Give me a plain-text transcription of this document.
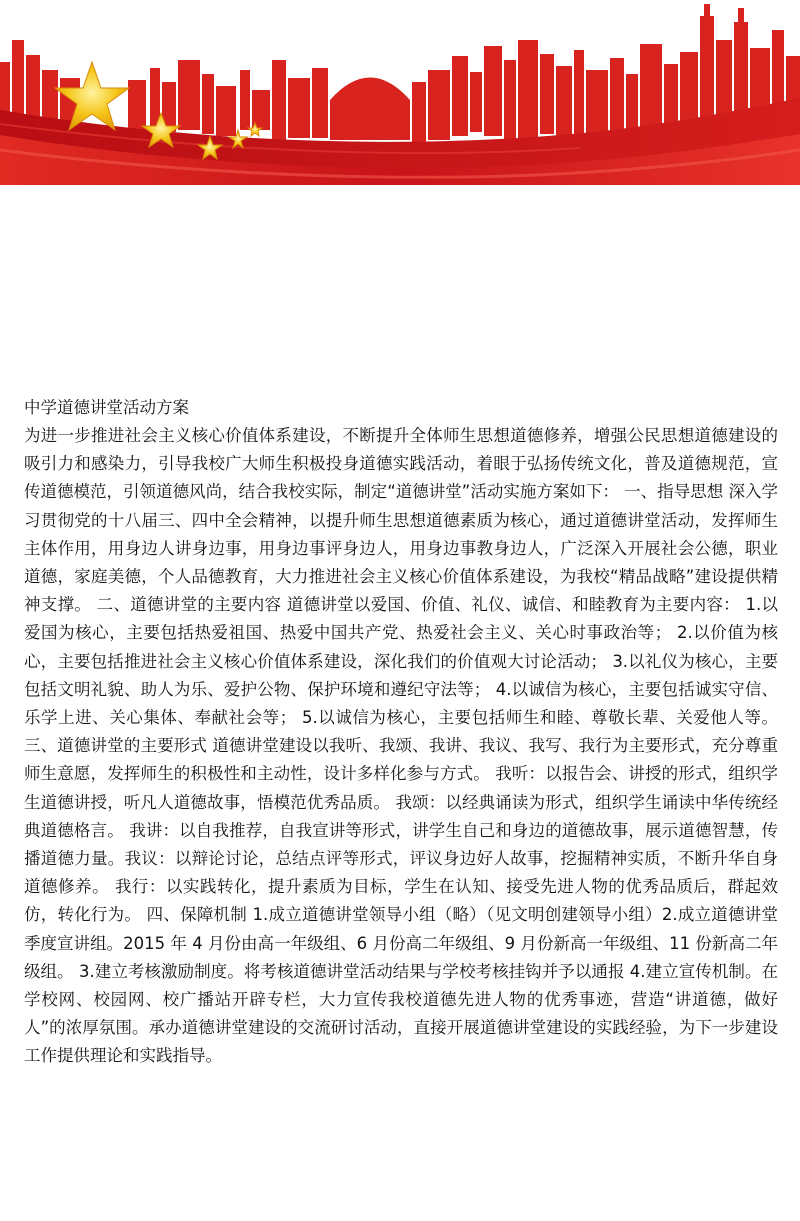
中学道德讲堂活动方案

为进一步推进社会主义核心价值体系建设，不断提升全体师生思想道德修养，增强公民思想道德建设的吸引力和感染力，引导我校广大师生积极投身道德实践活动，着眼于弘扬传统文化，普及道德规范，宣传道德模范，引领道德风尚，结合我校实际，制定“道德讲堂”活动实施方案如下： 一、指导思想 深入学习贯彻党的十八届三、四中全会精神，以提升师生思想道德素质为核心，通过道德讲堂活动，发挥师生主体作用，用身边人讲身边事，用身边事评身边人，用身边事教身边人，广泛深入开展社会公德，职业道德，家庭美德，个人品德教育，大力推进社会主义核心价值体系建设，为我校“精品战略”建设提供精神支撑。 二、道德讲堂的主要内容 道德讲堂以爱国、价值、礼仪、诚信、和睦教育为主要内容： 1.以爱国为核心，主要包括热爱祖国、热爱中国共产党、热爱社会主义、关心时事政治等； 2.以价值为核心，主要包括推进社会主义核心价值体系建设，深化我们的价值观大讨论活动； 3.以礼仪为核心，主要包括文明礼貌、助人为乐、爱护公物、保护环境和遵纪守法等； 4.以诚信为核心，主要包括诚实守信、乐学上进、关心集体、奉献社会等； 5.以诚信为核心，主要包括师生和睦、尊敬长辈、关爱他人等。 三、道德讲堂的主要形式 道德讲堂建设以我听、我颂、我讲、我议、我写、我行为主要形式，充分尊重师生意愿，发挥师生的积极性和主动性，设计多样化参与方式。 我听：以报告会、讲授的形式，组织学生道德讲授，听凡人道德故事，悟模范优秀品质。 我颂：以经典诵读为形式，组织学生诵读中华传统经典道德格言。 我讲：以自我推荐，自我宣讲等形式，讲学生自己和身边的道德故事，展示道德智慧，传播道德力量。我议：以辩论讨论，总结点评等形式，评议身边好人故事，挖掘精神实质，不断升华自身道德修养。 我行：以实践转化，提升素质为目标，学生在认知、接受先进人物的优秀品质后，群起效仿，转化行为。 四、保障机制 1.成立道德讲堂领导小组（略）（见文明创建领导小组）2.成立道德讲堂季度宣讲组。2015 年 4 月份由高一年级组、6 月份高二年级组、9 月份新高一年级组、11 份新高二年级组。 3.建立考核激励制度。将考核道德讲堂活动结果与学校考核挂钩并予以通报 4.建立宣传机制。在学校网、校园网、校广播站开辟专栏，大力宣传我校道德先进人物的优秀事迹，营造“讲道德，做好人”的浓厚氛围。承办道德讲堂建设的交流研讨活动，直接开展道德讲堂建设的实践经验，为下一步建设工作提供理论和实践指导。
